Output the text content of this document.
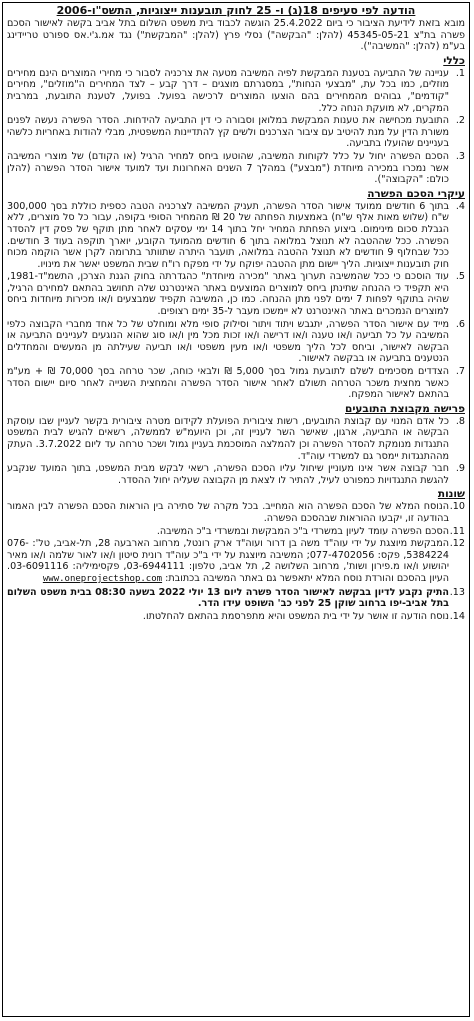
הודעה לפי סעיפים 18(ג) ו- 25 לחוק תובענות ייצוגיות, התשס"ו-2006
מובא בזאת לידיעת הציבור כי ביום 25.4.2022 הוגשה לכבוד בית משפט השלום בתל אביב בקשה לאישור הסכם פשרה בת"צ 45345-05-21 (להלן: "הבקשה") נסלי פרץ (להלן: "המבקשת") נגד אמ.ג'י.אס ספורט טריידינג בע"מ (להלן: "המשיבה").
כללי
1.
עניינה של התביעה בטענת המבקשת לפיה המשיבה מטעה את צרכניה לסבור כי מחירי המוצרים הינם מחירים מוזלים, כמו בכל עת, "מבצעי הנחות", במסגרתם מוצגים – דרך קבע – לצד המחירים ה"מוזלים", מחירים "קודמים", גבוהים מהמחירים בהם הוצעו המוצרים לרכישה בפועל. בפועל, לטענת התובעת, במרבית המקרים, לא מועקת הנחה כלל.
2.
התובעת מכחישה את טענות המבקשת במלואן וסבורה כי דין התביעה להידחות. הסדר הפשרה נעשה לפנים משורת הדין על מנת להיטיב עם ציבור הצרכנים ולשים קץ להתדיינות המשפטית, מבלי להודות באחריות כלשהי בעניינים שהועלו בתביעה.
3.
הסכם הפשרה יחול על כלל לקוחות המשיבה, שהוטעו ביחס למחיר הרגיל (או הקודם) של מוצרי המשיבה אשר נמכרו במכירה מיוחדת ("מבצע") במהלך 7 השנים האחרונות ועד למועד אישור הסדר הפשרה (להלן כולם: "הקבוצה").
עיקרי הסכם הפשרה
4.
בתוך 6 חודשים ממועד אישור הסדר הפשרה, תעניק המשיבה לצרכניה הטבה כספית כוללת בסך 300,000 ש"ח (שלוש מאות אלף ש"ח) באמצעות הפחתה של 20 ₪ מהמחיר הסופי בקופה, עבור כל סל מוצרים, ללא הגבלת סכום מינימום. ביצוע הפחתת המחיר יחל בתוך 14 ימי עסקים לאחר מתן תוקף של פסק דין להסדר הפשרה. ככל שההטבה לא תנוצל במלואה בתוך 6 חודשים מהמועד הקובע, יוארך תוקפה בעוד 3 חודשים. ככל שבחלוף 9 חודשים לא תנוצל ההטבה במלואה, תועבר היתרה שתוותר בתרומה לקרן אשר הוקמה מכוח חוק תובענות ייצוגיות. הליך יישום מתן ההטבה יפוקח על ידי מפקח רו"ח שבית המשפט יאשר את מינויו.
5.
עוד הוסכם כי ככל שהמשיבה תערוך באתר "מכירה מיוחדת" כהגדרתה בחוק הגנת הצרכן, התשמ"ד-1981, היא תקפיד כי ההנחה שתינתן ביחס למוצרים המוצעים באתר האינטרנט שלה תחושב בהתאם למחירם הרגיל, שהיה בתוקף לפחות 7 ימים לפני מתן ההנחה. כמו כן, המשיבה תקפיד שמבצעים ו/או מכירות מיוחדות ביחס למוצרים הנמכרים באתר האינטרנט לא יימשכו מעבר ל-35 ימים רצופים.
6.
מייד עם אישור הסדר הפשרה, יתגבש ויתוד ויתור וסילוק סופי מלא ומוחלט של כל אחד מחברי הקבוצה כלפי המשיבה על כל תביעה ו/או טענה ו/או דרישה ו/או זכות מכל מין ו/או סוג שהוא הנוגעים לעניינים התביעה או הבקשה לאישור, וביחס לכל הליך משפטי ו/או מעין משפטי ו/או תביעה שעילתה מן המעשים והמחדלים הנטענים בתביעה או בבקשה לאישור.
7.
הצדדים מסכימים לשלם לתובעת גמול בסך 5,000 ₪ ולבאי כוחה, שכר טרחה בסך 70,000 ₪ + מע"מ כאשר מחצית משכר הטרחה תשולם לאחר אישור הסדר הפשרה והמחצית השנייה לאחר סיום יישום הסדר בהתאם לאישור המפקח.
פרישה מקבוצת התובעים
8.
כל אדם המנוי עם קבוצת התובעים, רשות ציבורית הפועלת לקידום מטרה ציבורית בקשר לעניין שבו עוסקת הבקשה או התביעה, ארגון, שאישר השר לעניין זה, וכן היועמ"ש לממשלה, רשאים להגיש לבית המשפט התנגדות מנומקת להסדר הפשרה וכן להמלצה המוסכמת בעניין גמול ושכר טרחה עד ליום 3.7.2022. העתק מההתנגדות יימסר גם למשרדי עוה"ד.
9.
חבר קבוצה אשר אינו מעוניין שיחול עליו הסכם הפשרה, רשאי לבקש מבית המשפט, בתוך המועד שנקבע להגשת התנגדויות כמפורט לעיל, להתיר לו לצאת מן הקבוצה שעליה יחול ההסדר.
שונות
10.
הנוסח המלא של הסכם הפשרה הוא המחייב. בכל מקרה של סתירה בין הוראות הסכם הפשרה לבין האמור בהודעה זו, יקבעו ההוראות שבהסכם הפשרה.
11.
הסכם הפשרה עומד לעיון במשרדי ב"כ המבקשת ובמשרדי ב"כ המשיבה.
12.
המבקשת מיוצגת על ידי עוה"ד משה בן דרור ועוה"ד ארק רונטל, מרחוב הארבעה 28, תל-אביב, טל': 076-5384224, פקס: 077-4702056; המשיבה מיוצגת על ידי ב"כ עוה"ד רונית סיטון ו/או לאור שלמה ו/או מאיר יהושוע ו/או מ.פירון ושות', מרחוב השלושה 2, תל אביב, טלפון: 03-6944111, פקסימיליה: 03-6091116. העיון בהסכם והורדת נוסח המלא יתאפשר גם באתר המשיבה בכתובת: www.oneprojectshop.com
13.
התיק נקבע לדיון בבקשה לאישור הסדר פשרה ליום 13 יולי 2022 בשעה 08:30 בבית משפט השלום בתל אביב-יפו ברחוב שוקן 25 לפני כב' השופט עידו הדר.
14.
נוסח הודעה זו אושר על ידי בית המשפט והיא מתפרסמת בהתאם להחלטתו.
